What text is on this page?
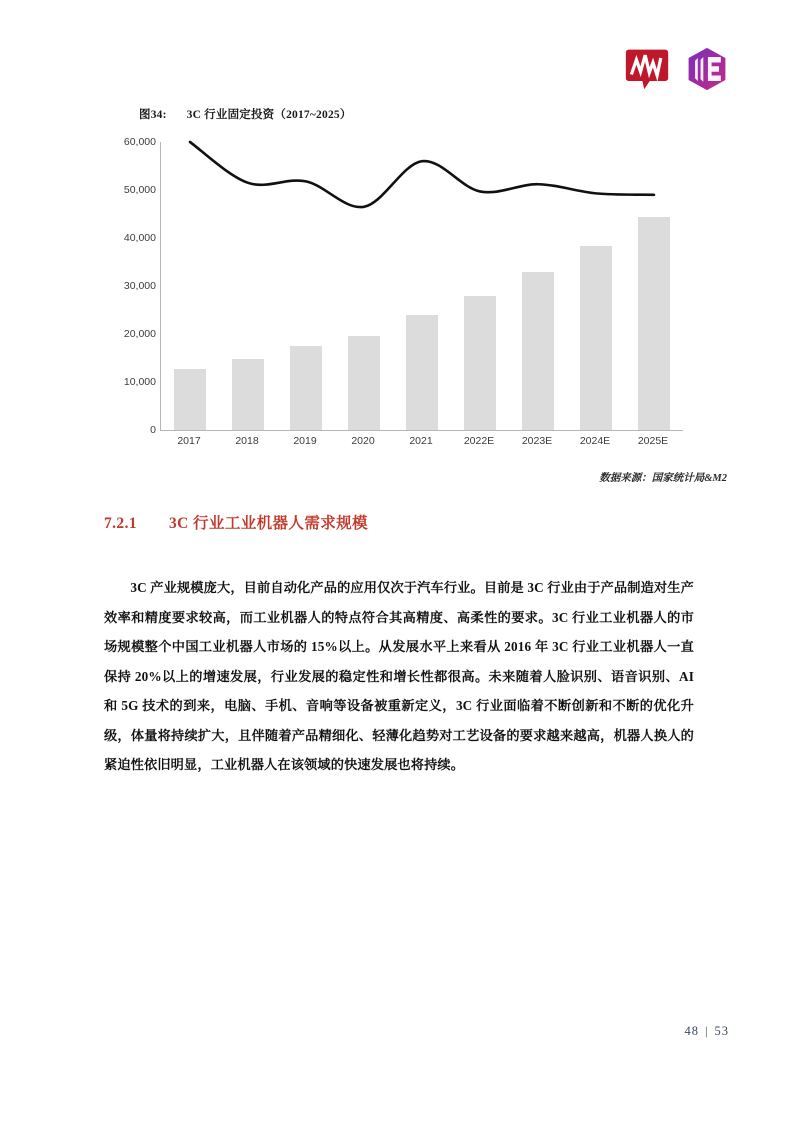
图34: 3C 行业固定投资（2017~2025）
60,000
50,000
40,000
30,000
20,000
10,000
0
2017	2018	2019	2020	2021	2022E	2023E	2024E	2025E
数据来源：国家统计局&M2
7.2.1 3C 行业工业机器人需求规模

3C 产业规模庞大，目前自动化产品的应用仅次于汽车行业。目前是 3C 行业由于产品制造对生产效率和精度要求较高，而工业机器人的特点符合其高精度、高柔性的要求。3C 行业工业机器人的市场规模整个中国工业机器人市场的 15%以上。从发展水平上来看从 2016 年 3C 行业工业机器人一直保持 20%以上的增速发展，行业发展的稳定性和增长性都很高。未来随着人脸识别、语音识别、AI 和 5G 技术的到来，电脑、手机、音响等设备被重新定义，3C 行业面临着不断创新和不断的优化升级，体量将持续扩大，且伴随着产品精细化、轻薄化趋势对工艺设备的要求越来越高，机器人换人的紧迫性依旧明显，工业机器人在该领域的快速发展也将持续。

48 | 53
